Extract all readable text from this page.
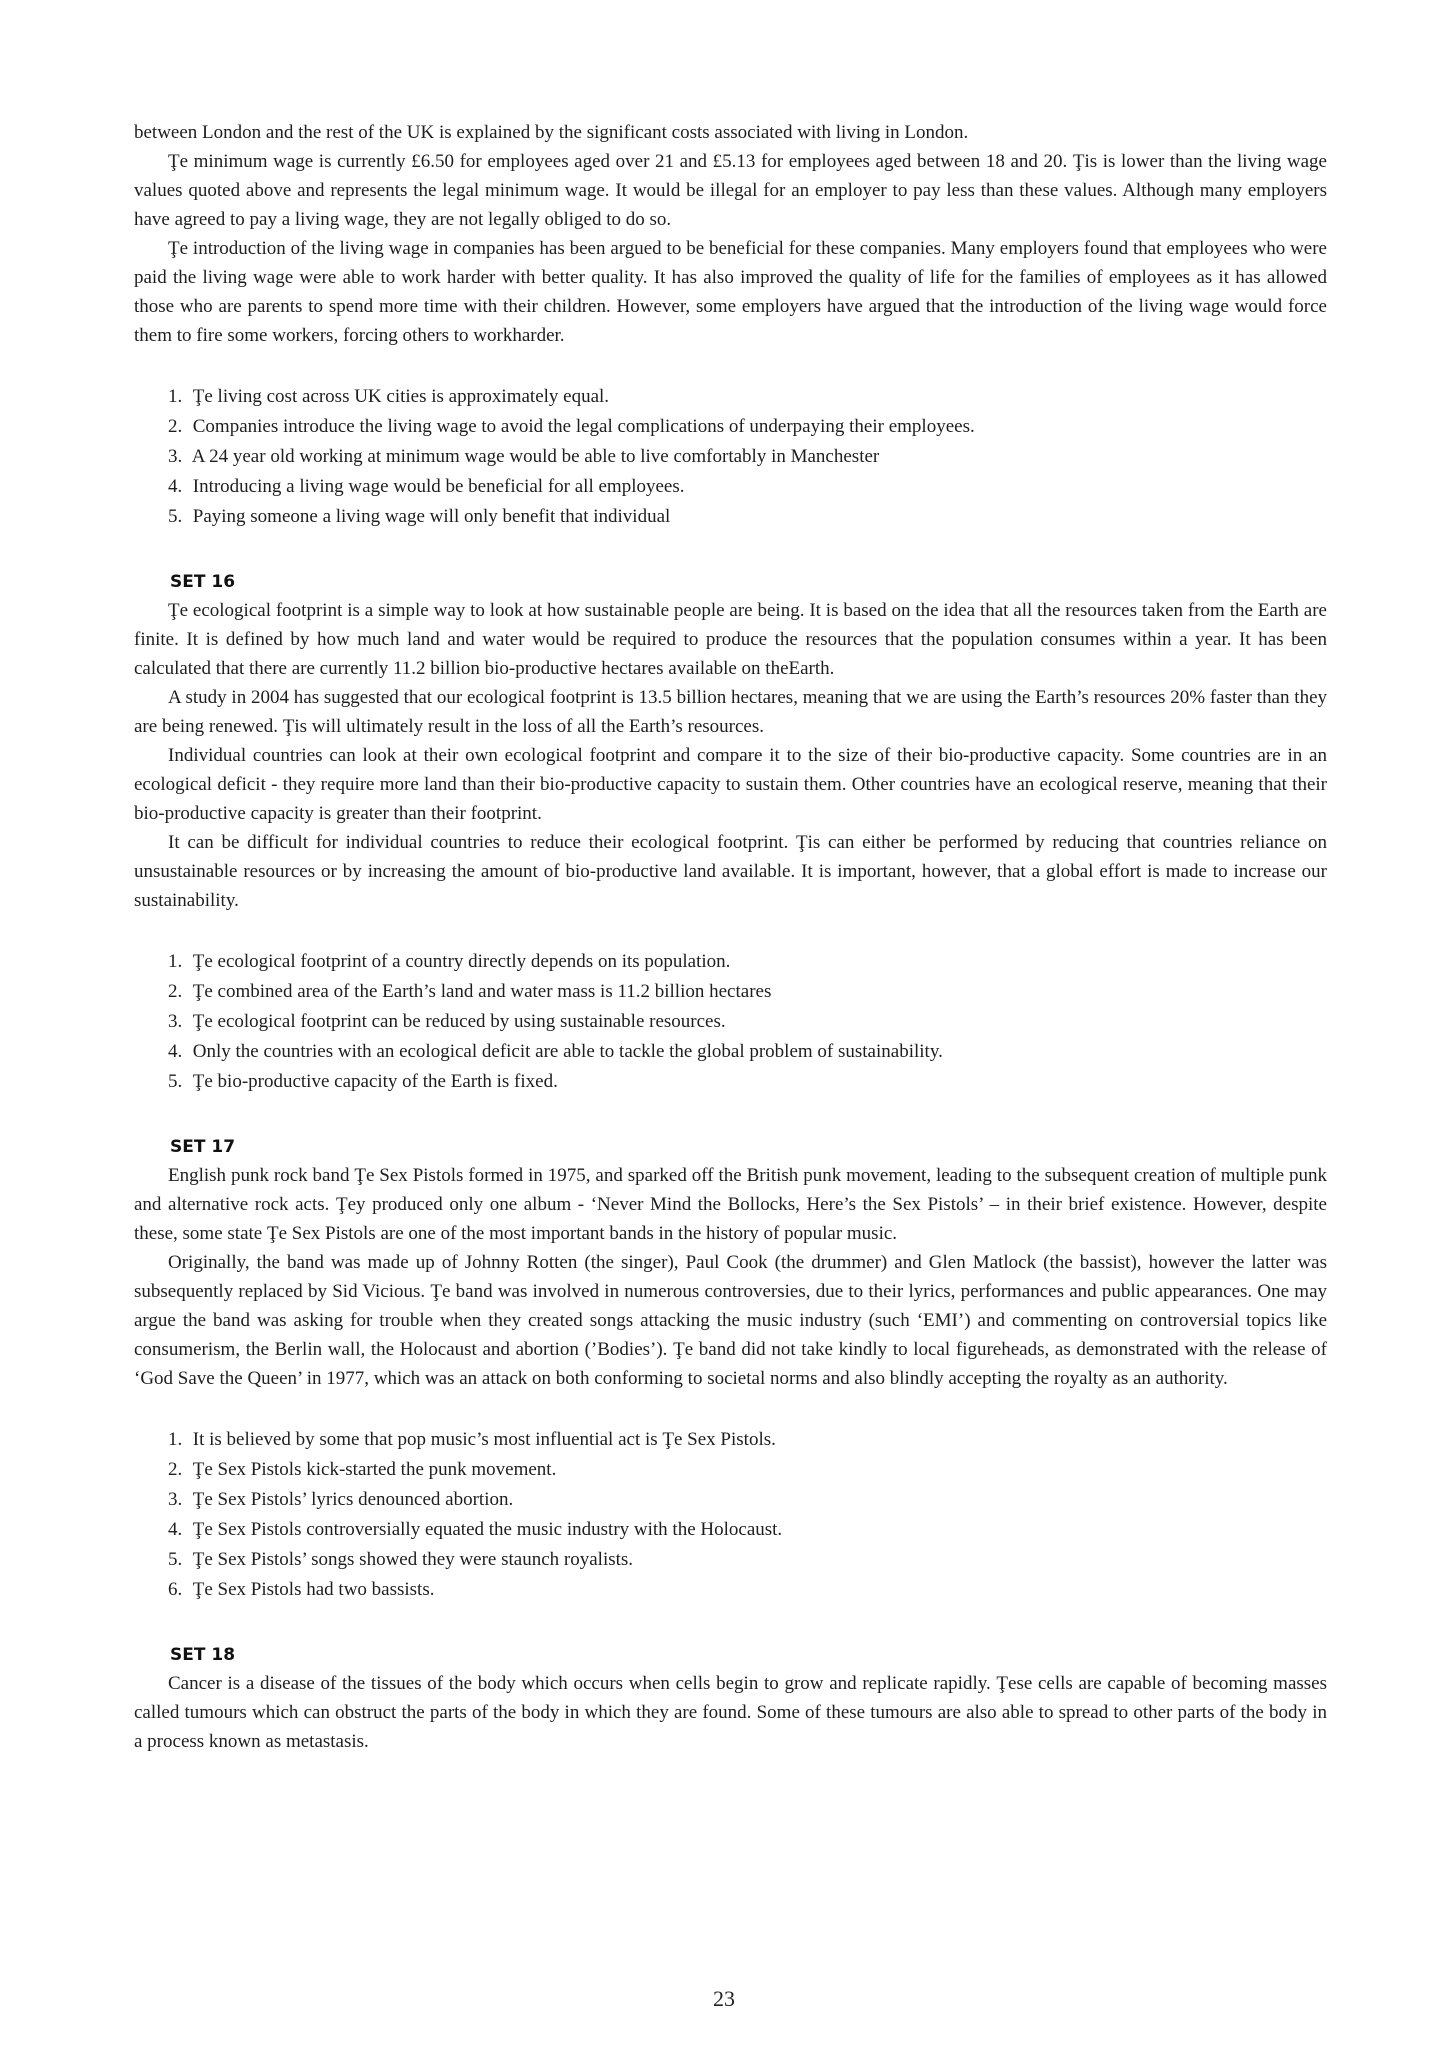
between London and the rest of the UK is explained by the significant costs associated with living in London.

Ţe minimum wage is currently £6.50 for employees aged over 21 and £5.13 for employees aged between 18 and 20. Ţis is lower than the living wage values quoted above and represents the legal minimum wage. It would be illegal for an employer to pay less than these values. Although many employers have agreed to pay a living wage, they are not legally obliged to do so.

Ţe introduction of the living wage in companies has been argued to be beneficial for these companies. Many employers found that employees who were paid the living wage were able to work harder with better quality. It has also improved the quality of life for the families of employees as it has allowed those who are parents to spend more time with their children. However, some employers have argued that the introduction of the living wage would force them to fire some workers, forcing others to workharder.

1. Ţe living cost across UK cities is approximately equal.
2. Companies introduce the living wage to avoid the legal complications of underpaying their employees.
3. A 24 year old working at minimum wage would be able to live comfortably in Manchester
4. Introducing a living wage would be beneficial for all employees.
5. Paying someone a living wage will only benefit that individual
SET 16

Ţe ecological footprint is a simple way to look at how sustainable people are being. It is based on the idea that all the resources taken from the Earth are finite. It is defined by how much land and water would be required to produce the resources that the population consumes within a year. It has been calculated that there are currently 11.2 billion bio-productive hectares available on theEarth.

A study in 2004 has suggested that our ecological footprint is 13.5 billion hectares, meaning that we are using the Earth’s resources 20% faster than they are being renewed. Ţis will ultimately result in the loss of all the Earth’s resources.

Individual countries can look at their own ecological footprint and compare it to the size of their bio-productive capacity. Some countries are in an ecological deficit - they require more land than their bio-productive capacity to sustain them. Other countries have an ecological reserve, meaning that their bio-productive capacity is greater than their footprint.

It can be difficult for individual countries to reduce their ecological footprint. Ţis can either be performed by reducing that countries reliance on unsustainable resources or by increasing the amount of bio-productive land available. It is important, however, that a global effort is made to increase our sustainability.

1. Ţe ecological footprint of a country directly depends on its population.
2. Ţe combined area of the Earth’s land and water mass is 11.2 billion hectares
3. Ţe ecological footprint can be reduced by using sustainable resources.
4. Only the countries with an ecological deficit are able to tackle the global problem of sustainability.
5. Ţe bio-productive capacity of the Earth is fixed.
SET 17

English punk rock band Ţe Sex Pistols formed in 1975, and sparked off the British punk movement, leading to the subsequent creation of multiple punk and alternative rock acts. Ţey produced only one album - ‘Never Mind the Bollocks, Here’s the Sex Pistols’ – in their brief existence. However, despite these, some state Ţe Sex Pistols are one of the most important bands in the history of popular music.

Originally, the band was made up of Johnny Rotten (the singer), Paul Cook (the drummer) and Glen Matlock (the bassist), however the latter was subsequently replaced by Sid Vicious. Ţe band was involved in numerous controversies, due to their lyrics, performances and public appearances. One may argue the band was asking for trouble when they created songs attacking the music industry (such ‘EMI’) and commenting on controversial topics like consumerism, the Berlin wall, the Holocaust and abortion (’Bodies’). Ţe band did not take kindly to local figureheads, as demonstrated with the release of ‘God Save the Queen’ in 1977, which was an attack on both conforming to societal norms and also blindly accepting the royalty as an authority.

1. It is believed by some that pop music’s most influential act is Ţe Sex Pistols.
2. Ţe Sex Pistols kick-started the punk movement.
3. Ţe Sex Pistols’ lyrics denounced abortion.
4. Ţe Sex Pistols controversially equated the music industry with the Holocaust.
5. Ţe Sex Pistols’ songs showed they were staunch royalists.
6. Ţe Sex Pistols had two bassists.
SET 18

Cancer is a disease of the tissues of the body which occurs when cells begin to grow and replicate rapidly. Ţese cells are capable of becoming masses called tumours which can obstruct the parts of the body in which they are found. Some of these tumours are also able to spread to other parts of the body in a process known as metastasis.

23
